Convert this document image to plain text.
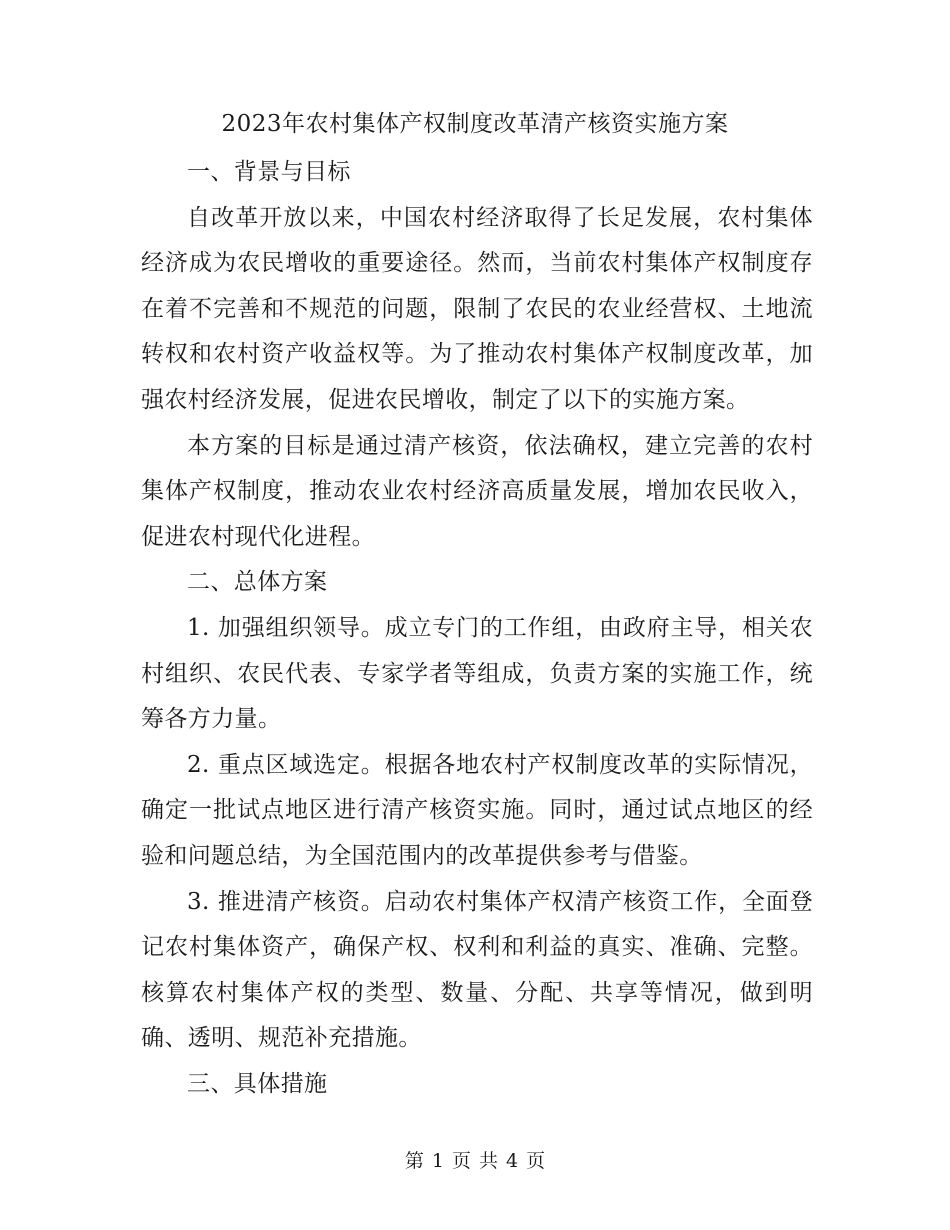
2023年农村集体产权制度改革清产核资实施方案

一、背景与目标

自改革开放以来，中国农村经济取得了长足发展，农村集体经济成为农民增收的重要途径。然而，当前农村集体产权制度存在着不完善和不规范的问题，限制了农民的农业经营权、土地流转权和农村资产收益权等。为了推动农村集体产权制度改革，加强农村经济发展，促进农民增收，制定了以下的实施方案。

本方案的目标是通过清产核资，依法确权，建立完善的农村集体产权制度，推动农业农村经济高质量发展，增加农民收入，促进农村现代化进程。

二、总体方案

1. 加强组织领导。成立专门的工作组，由政府主导，相关农村组织、农民代表、专家学者等组成，负责方案的实施工作，统筹各方力量。

2. 重点区域选定。根据各地农村产权制度改革的实际情况，确定一批试点地区进行清产核资实施。同时，通过试点地区的经验和问题总结，为全国范围内的改革提供参考与借鉴。

3. 推进清产核资。启动农村集体产权清产核资工作，全面登记农村集体资产，确保产权、权利和利益的真实、准确、完整。核算农村集体产权的类型、数量、分配、共享等情况，做到明确、透明、规范补充措施。

三、具体措施

第 1 页 共 4 页
